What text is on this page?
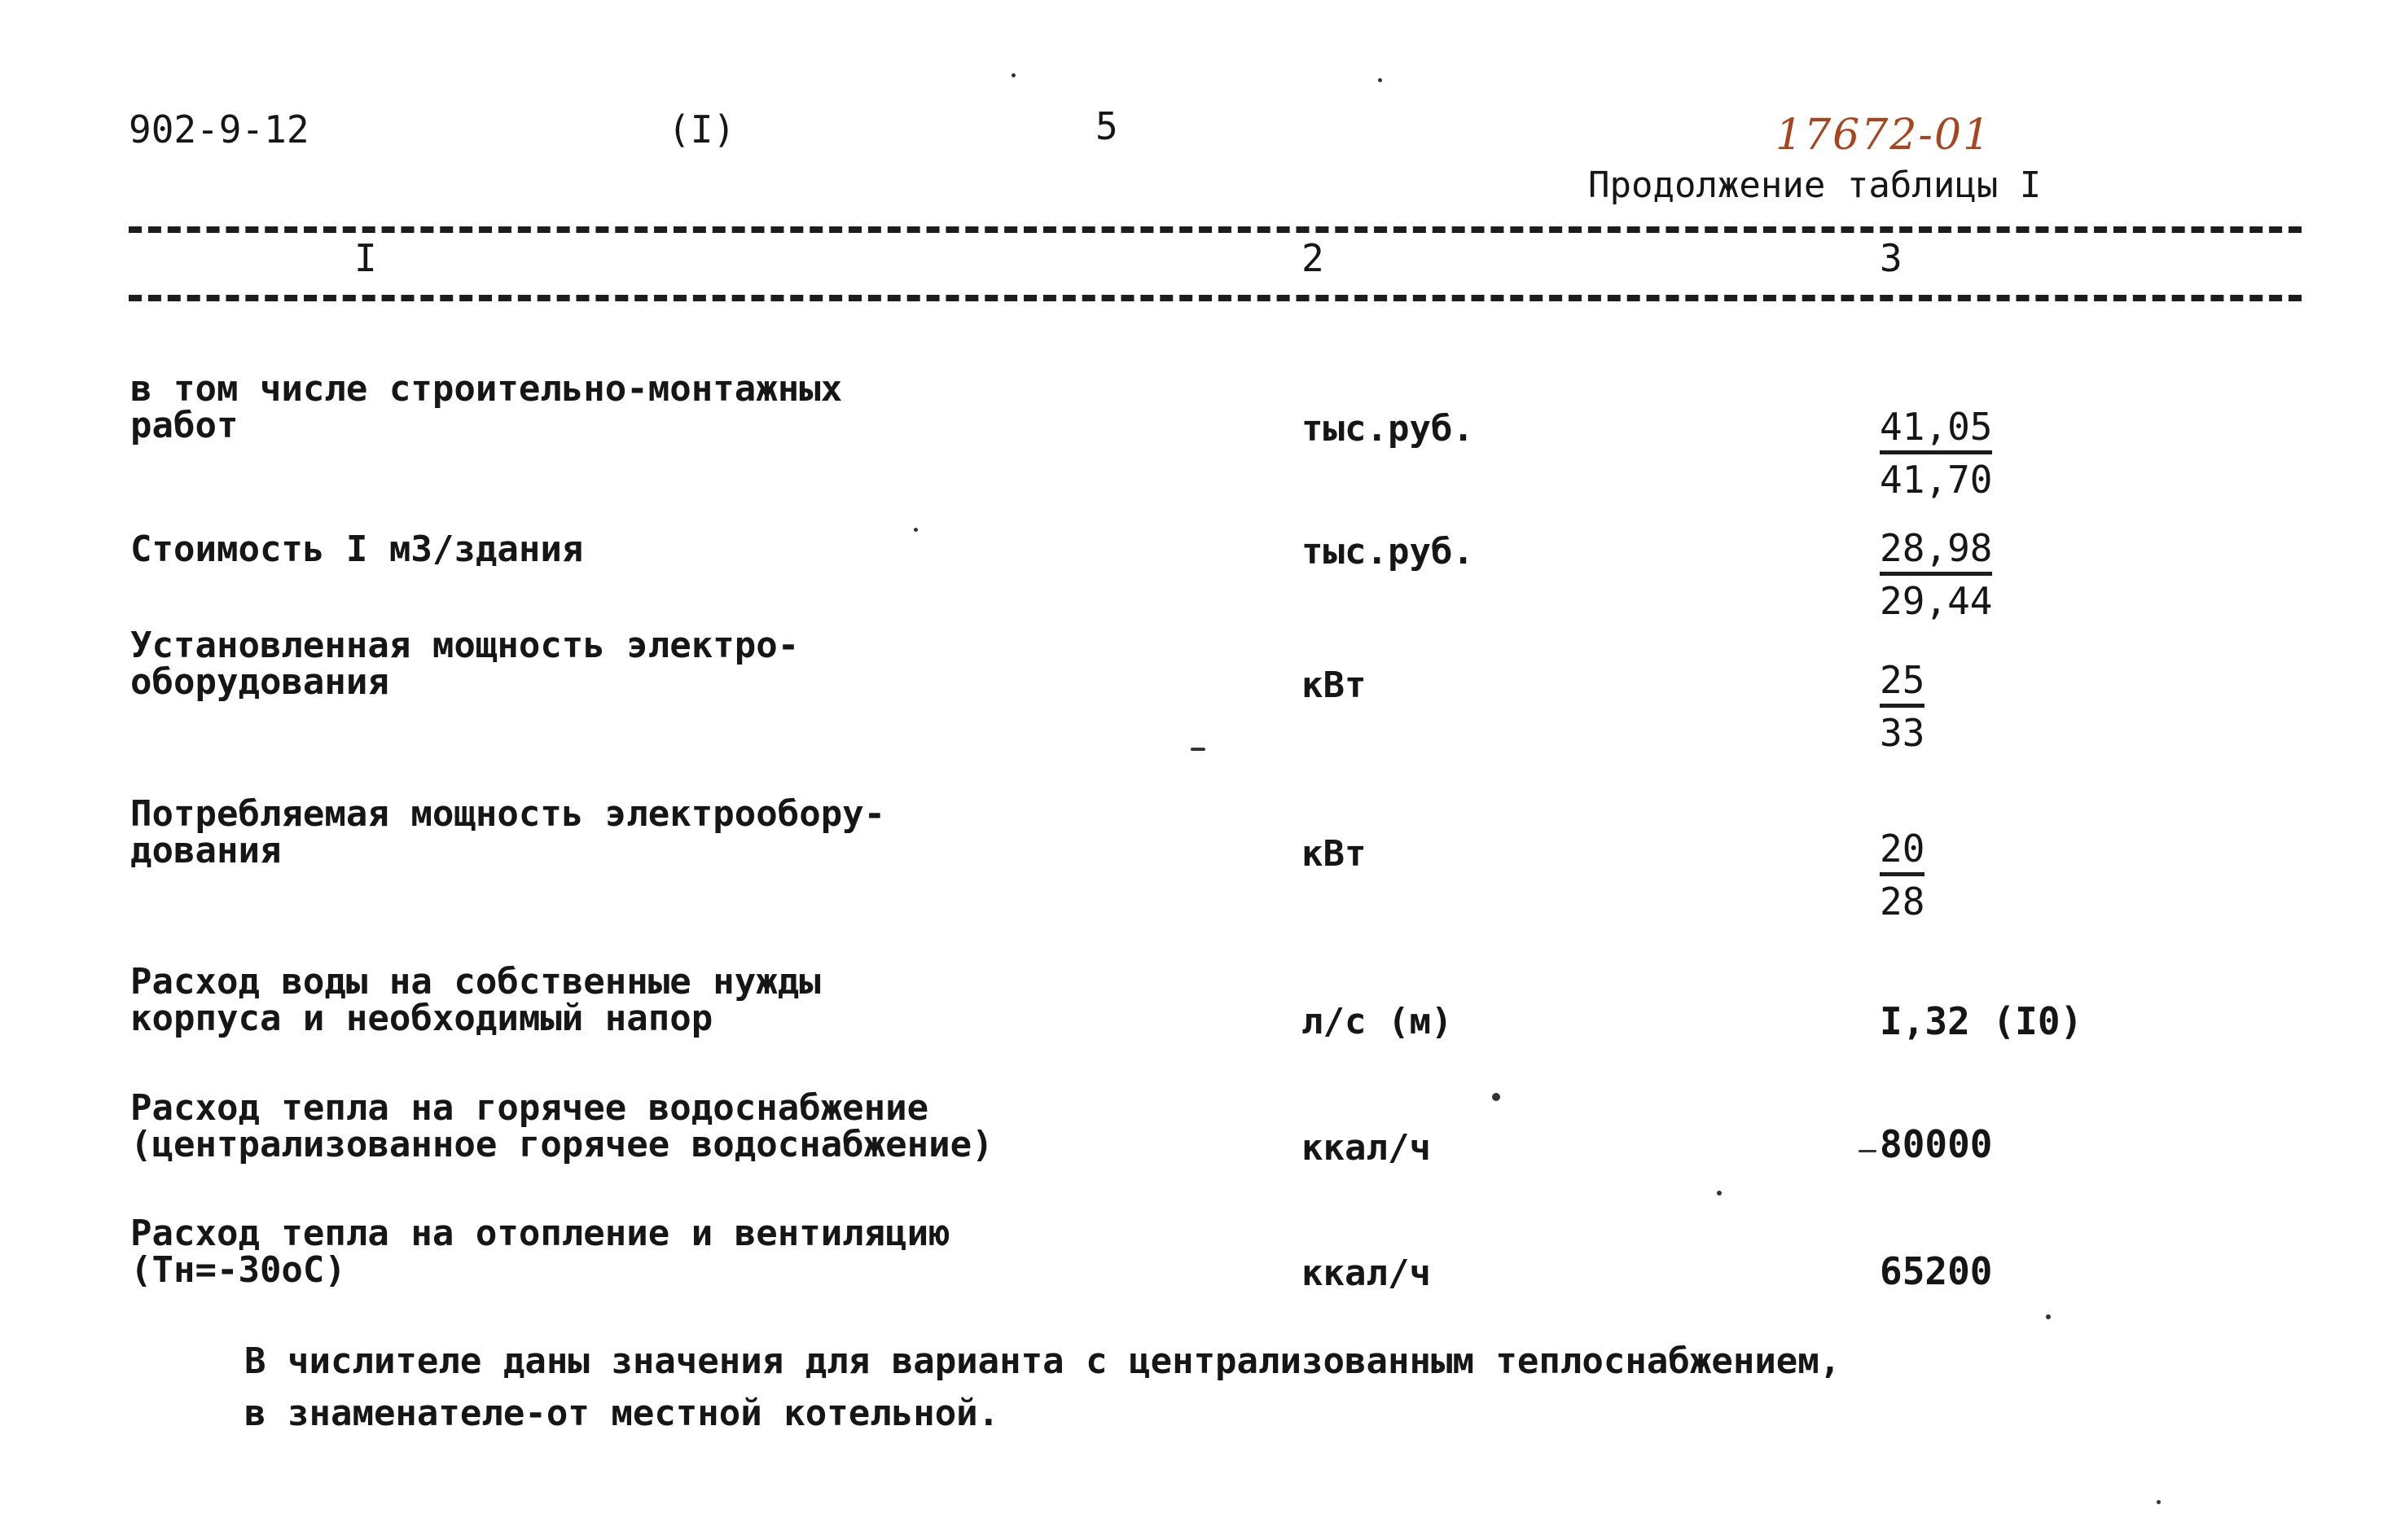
902-9-12	(I)	5	17672-01
Продолжение таблицы I
I	2	3
в том числе строительно-монтажных
работ	тыс.руб.	$\frac{41,05}{41,70}$
Стоимость I м3/здания	тыс.руб.	$\frac{28,98}{29,44}$
Установленная мощность электро-
оборудования	кВт	$\frac{25}{33}$
Потребляемая мощность электрообору-
дования	кВт	$\frac{20}{28}$
Расход воды на собственные нужды
корпуса и необходимый напор	л/с (м)	I,32 (I0)
Расход тепла на горячее водоснабжение
(централизованное горячее водоснабжение)	ккал/ч	80000
Расход тепла на отопление и вентиляцию
(Тн=-30оС)	ккал/ч	65200
В числителе даны значения для варианта с централизованным теплоснабжением,
в знаменателе-от местной котельной.
